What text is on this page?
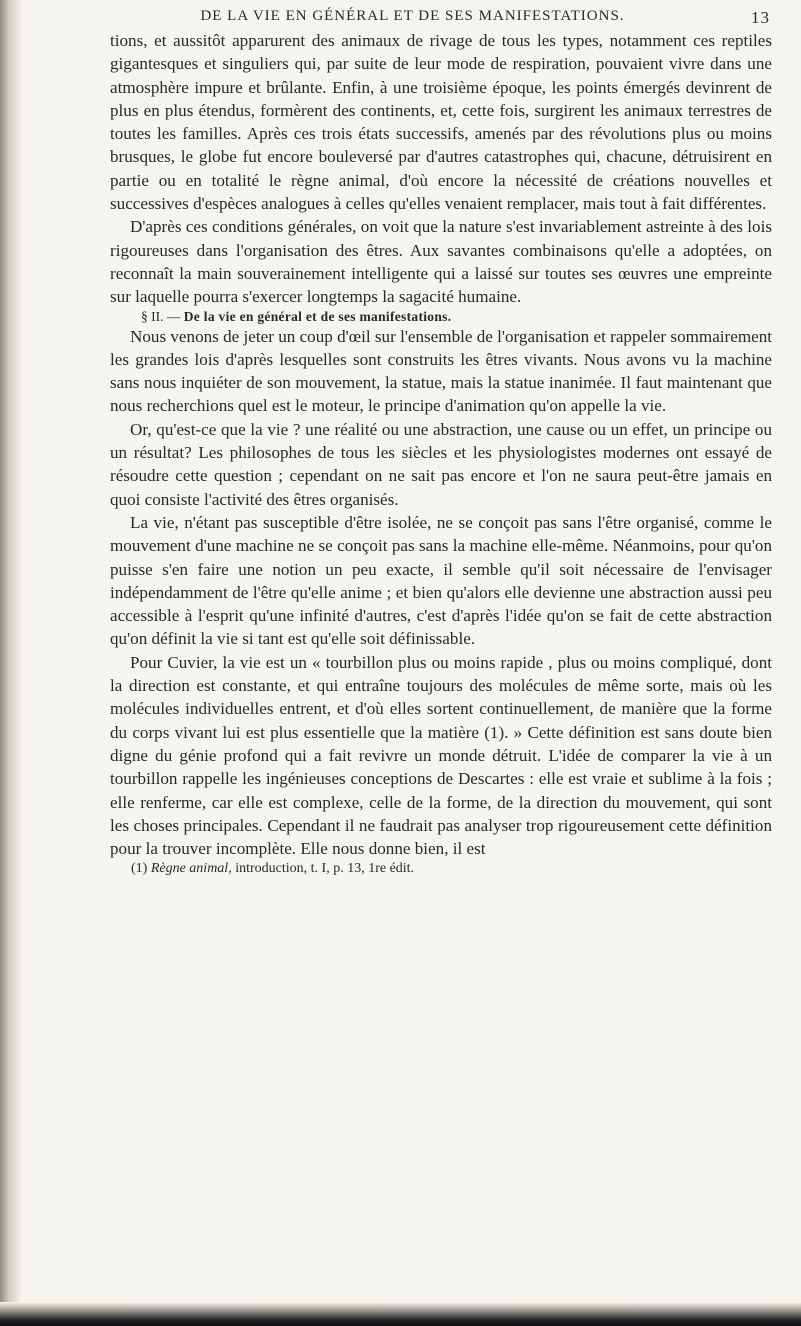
DE LA VIE EN GÉNÉRAL ET DE SES MANIFESTATIONS.	13

tions, et aussitôt apparurent des animaux de rivage de tous les types, notamment ces reptiles gigantesques et singuliers qui, par suite de leur mode de respiration, pouvaient vivre dans une atmosphère impure et brûlante. Enfin, à une troisième époque, les points émergés devinrent de plus en plus étendus, formèrent des continents, et, cette fois, surgirent les animaux terrestres de toutes les familles. Après ces trois états successifs, amenés par des révolutions plus ou moins brusques, le globe fut encore bouleversé par d'autres catastrophes qui, chacune, détruisirent en partie ou en totalité le règne animal, d'où encore la nécessité de créations nouvelles et successives d'espèces analogues à celles qu'elles venaient remplacer, mais tout à fait différentes.

D'après ces conditions générales, on voit que la nature s'est invariablement astreinte à des lois rigoureuses dans l'organisation des êtres. Aux savantes combinaisons qu'elle a adoptées, on reconnaît la main souverainement intelligente qui a laissé sur toutes ses œuvres une empreinte sur laquelle pourra s'exercer longtemps la sagacité humaine.

§ II. — De la vie en général et de ses manifestations.

Nous venons de jeter un coup d'œil sur l'ensemble de l'organisation et rappeler sommairement les grandes lois d'après lesquelles sont construits les êtres vivants. Nous avons vu la machine sans nous inquiéter de son mouvement, la statue, mais la statue inanimée. Il faut maintenant que nous recherchions quel est le moteur, le principe d'animation qu'on appelle la vie.

Or, qu'est-ce que la vie ? une réalité ou une abstraction, une cause ou un effet, un principe ou un résultat? Les philosophes de tous les siècles et les physiologistes modernes ont essayé de résoudre cette question ; cependant on ne sait pas encore et l'on ne saura peut-être jamais en quoi consiste l'activité des êtres organisés.

La vie, n'étant pas susceptible d'être isolée, ne se conçoit pas sans l'être organisé, comme le mouvement d'une machine ne se conçoit pas sans la machine elle-même. Néanmoins, pour qu'on puisse s'en faire une notion un peu exacte, il semble qu'il soit nécessaire de l'envisager indépendamment de l'être qu'elle anime ; et bien qu'alors elle devienne une abstraction aussi peu accessible à l'esprit qu'une infinité d'autres, c'est d'après l'idée qu'on se fait de cette abstraction qu'on définit la vie si tant est qu'elle soit définissable.

Pour Cuvier, la vie est un « tourbillon plus ou moins rapide , plus ou moins compliqué, dont la direction est constante, et qui entraîne toujours des molécules de même sorte, mais où les molécules individuelles entrent, et d'où elles sortent continuellement, de manière que la forme du corps vivant lui est plus essentielle que la matière (1). » Cette définition est sans doute bien digne du génie profond qui a fait revivre un monde détruit. L'idée de comparer la vie à un tourbillon rappelle les ingénieuses conceptions de Descartes : elle est vraie et sublime à la fois ; elle renferme, car elle est complexe, celle de la forme, de la direction du mouvement, qui sont les choses principales. Cependant il ne faudrait pas analyser trop rigoureusement cette définition pour la trouver incomplète. Elle nous donne bien, il est

(1) Règne animal, introduction, t. I, p. 13, 1re édit.
